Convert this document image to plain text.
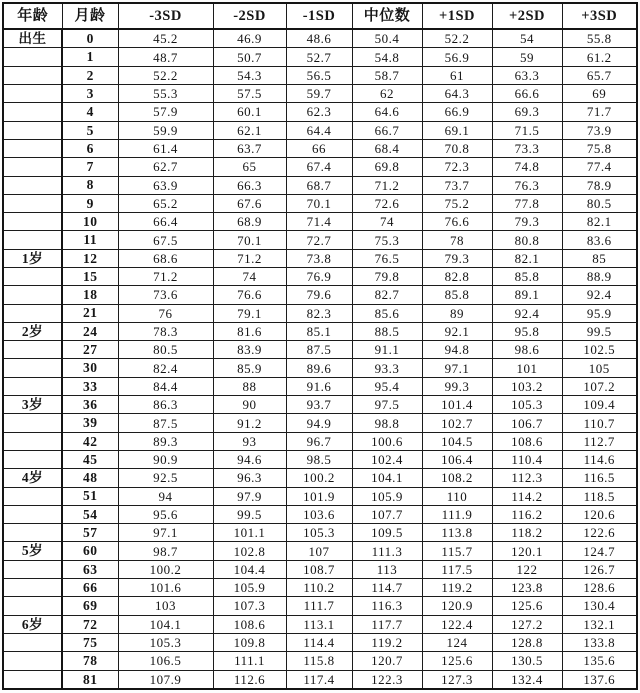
年龄	月龄	-3SD	-2SD	-1SD	中位数	+1SD	+2SD	+3SD
出生	0	45.2	46.9	48.6	50.4	52.2	54	55.8
	1	48.7	50.7	52.7	54.8	56.9	59	61.2
	2	52.2	54.3	56.5	58.7	61	63.3	65.7
	3	55.3	57.5	59.7	62	64.3	66.6	69
	4	57.9	60.1	62.3	64.6	66.9	69.3	71.7
	5	59.9	62.1	64.4	66.7	69.1	71.5	73.9
	6	61.4	63.7	66	68.4	70.8	73.3	75.8
	7	62.7	65	67.4	69.8	72.3	74.8	77.4
	8	63.9	66.3	68.7	71.2	73.7	76.3	78.9
	9	65.2	67.6	70.1	72.6	75.2	77.8	80.5
	10	66.4	68.9	71.4	74	76.6	79.3	82.1
	11	67.5	70.1	72.7	75.3	78	80.8	83.6
1岁	12	68.6	71.2	73.8	76.5	79.3	82.1	85
	15	71.2	74	76.9	79.8	82.8	85.8	88.9
	18	73.6	76.6	79.6	82.7	85.8	89.1	92.4
	21	76	79.1	82.3	85.6	89	92.4	95.9
2岁	24	78.3	81.6	85.1	88.5	92.1	95.8	99.5
	27	80.5	83.9	87.5	91.1	94.8	98.6	102.5
	30	82.4	85.9	89.6	93.3	97.1	101	105
	33	84.4	88	91.6	95.4	99.3	103.2	107.2
3岁	36	86.3	90	93.7	97.5	101.4	105.3	109.4
	39	87.5	91.2	94.9	98.8	102.7	106.7	110.7
	42	89.3	93	96.7	100.6	104.5	108.6	112.7
	45	90.9	94.6	98.5	102.4	106.4	110.4	114.6
4岁	48	92.5	96.3	100.2	104.1	108.2	112.3	116.5
	51	94	97.9	101.9	105.9	110	114.2	118.5
	54	95.6	99.5	103.6	107.7	111.9	116.2	120.6
	57	97.1	101.1	105.3	109.5	113.8	118.2	122.6
5岁	60	98.7	102.8	107	111.3	115.7	120.1	124.7
	63	100.2	104.4	108.7	113	117.5	122	126.7
	66	101.6	105.9	110.2	114.7	119.2	123.8	128.6
	69	103	107.3	111.7	116.3	120.9	125.6	130.4
6岁	72	104.1	108.6	113.1	117.7	122.4	127.2	132.1
	75	105.3	109.8	114.4	119.2	124	128.8	133.8
	78	106.5	111.1	115.8	120.7	125.6	130.5	135.6
	81	107.9	112.6	117.4	122.3	127.3	132.4	137.6
